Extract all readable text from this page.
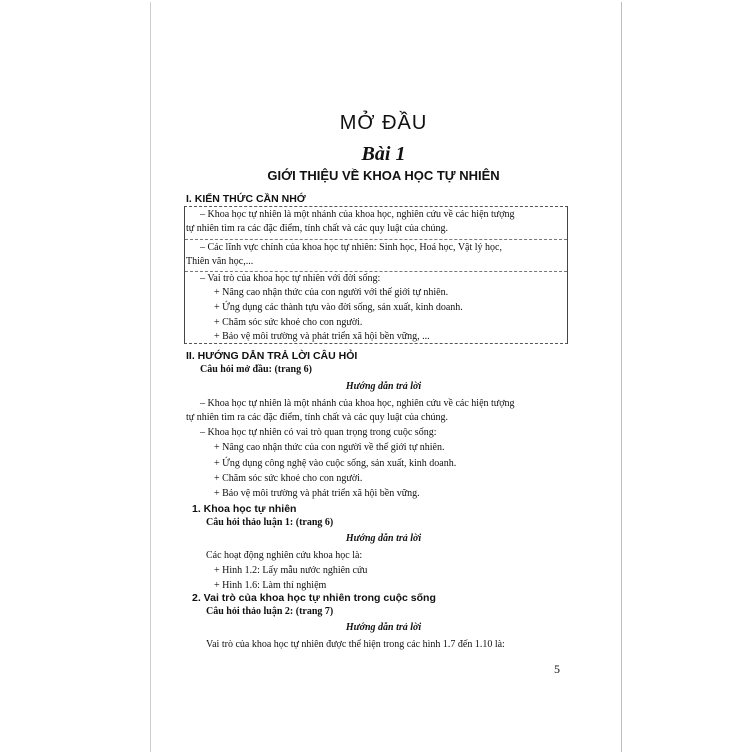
MỞ ĐẦU
Bài 1
GIỚI THIỆU VỀ KHOA HỌC TỰ NHIÊN
I. KIẾN THỨC CẦN NHỚ
– Khoa học tự nhiên là một nhánh của khoa học, nghiên cứu về các hiện tượng
tự nhiên tìm ra các đặc điểm, tính chất và các quy luật của chúng.
– Các lĩnh vực chính của khoa học tự nhiên: Sinh học, Hoá học, Vật lý học,
Thiên văn học,...
– Vai trò của khoa học tự nhiên với đời sống:
+ Nâng cao nhận thức của con người với thế giới tự nhiên.
+ Ứng dụng các thành tựu vào đời sống, sản xuất, kinh doanh.
+ Chăm sóc sức khoẻ cho con người.
+ Bảo vệ môi trường và phát triển xã hội bền vững, ...
II. HƯỚNG DẪN TRẢ LỜI CÂU HỎI
Câu hỏi mở đầu: (trang 6)
Hướng dẫn trả lời
– Khoa học tự nhiên là một nhánh của khoa học, nghiên cứu về các hiện tượng
tự nhiên tìm ra các đặc điểm, tính chất và các quy luật của chúng.
– Khoa học tự nhiên có vai trò quan trọng trong cuộc sống:
+ Nâng cao nhận thức của con người về thế giới tự nhiên.
+ Ứng dụng công nghệ vào cuộc sống, sản xuất, kinh doanh.
+ Chăm sóc sức khoẻ cho con người.
+ Bảo vệ môi trường và phát triển xã hội bền vững.
1. Khoa học tự nhiên
Câu hỏi thảo luận 1: (trang 6)
Hướng dẫn trả lời
Các hoạt động nghiên cứu khoa học là:
+ Hình 1.2: Lấy mẫu nước nghiên cứu
+ Hình 1.6: Làm thí nghiệm
2. Vai trò của khoa học tự nhiên trong cuộc sống
Câu hỏi thảo luận 2: (trang 7)
Hướng dẫn trả lời
Vai trò của khoa học tự nhiên được thể hiện trong các hình 1.7 đến 1.10 là:
5
